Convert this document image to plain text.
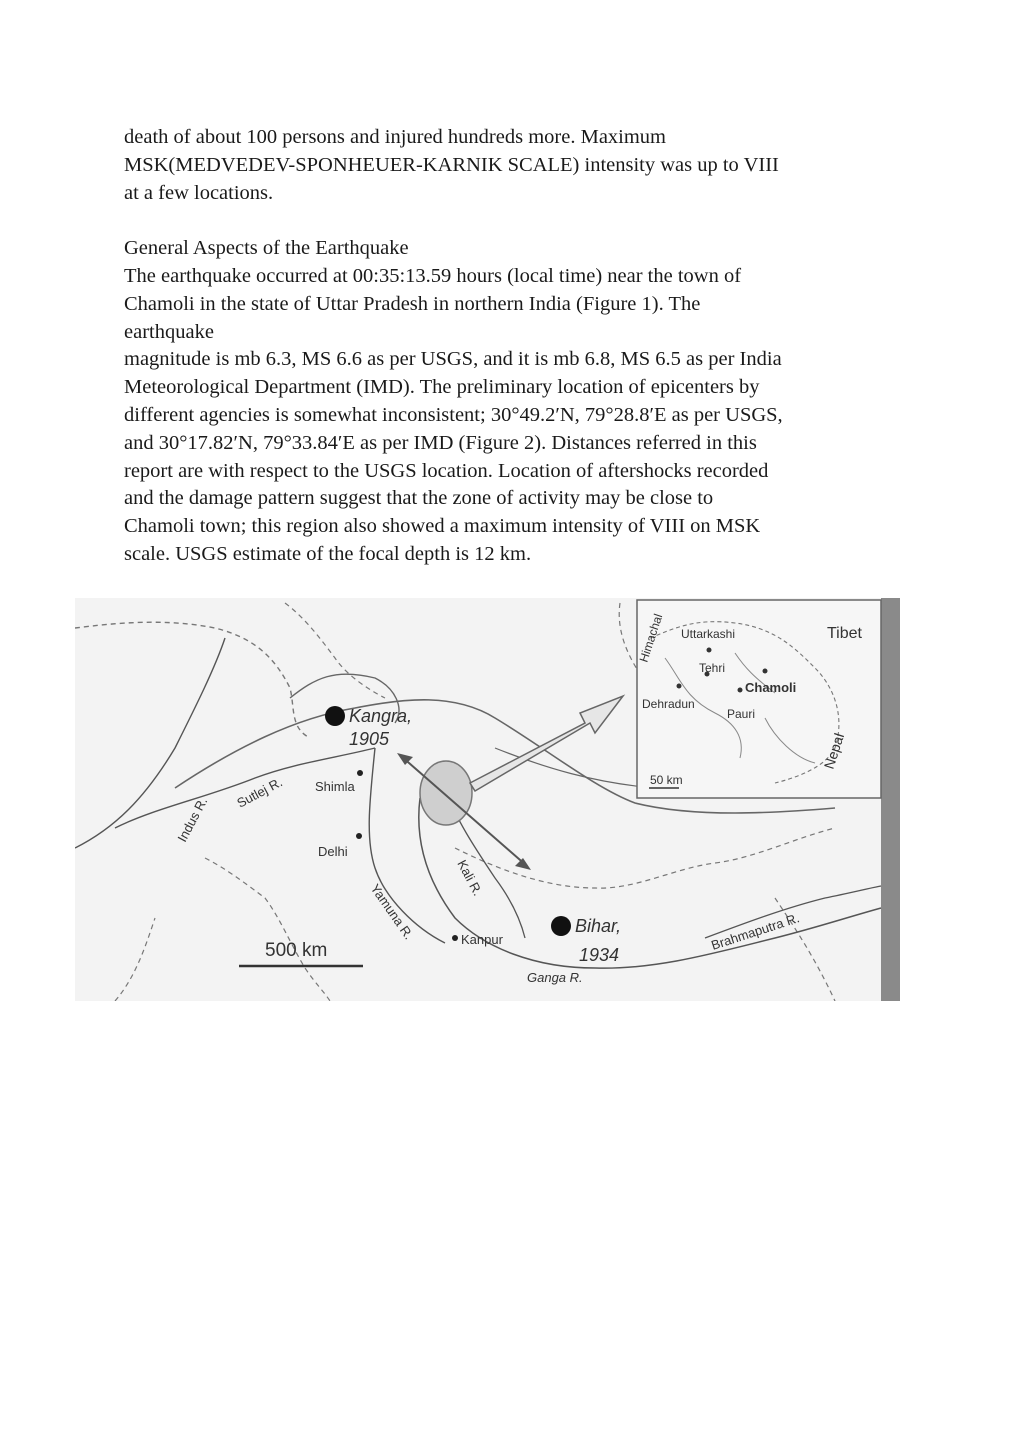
death of about 100 persons and injured hundreds more. Maximum
MSK(MEDVEDEV-SPONHEUER-KARNIK SCALE) intensity was up to VIII
at a few locations.
General Aspects of the Earthquake
The earthquake occurred at 00:35:13.59 hours (local time) near the town of
Chamoli in the state of Uttar Pradesh in northern India (Figure 1). The
earthquake
magnitude is mb 6.3, MS 6.6 as per USGS, and it is mb 6.8, MS 6.5 as per India
Meteorological Department (IMD). The preliminary location of epicenters by
different agencies is somewhat inconsistent; 30°49.2′N, 79°28.8′E as per USGS,
and 30°17.82′N, 79°33.84′E as per IMD (Figure 2). Distances referred in this
report are with respect to the USGS location. Location of aftershocks recorded
and the damage pattern suggest that the zone of activity may be close to
Chamoli town; this region also showed a maximum intensity of VIII on MSK
scale. USGS estimate of the focal depth is 12 km.
Kangra,
1905
Bihar,
1934
Shimla
Delhi
Kanpur
Sutlej R.
Indus R.
Yamuna R.
Kali R.
Ganga R.
Brahmaputra R.
500 km
Himachal Uttarkashi
Tehri
Chamoli
Dehradun
Pauri
Tibet
Nepal
50 km
